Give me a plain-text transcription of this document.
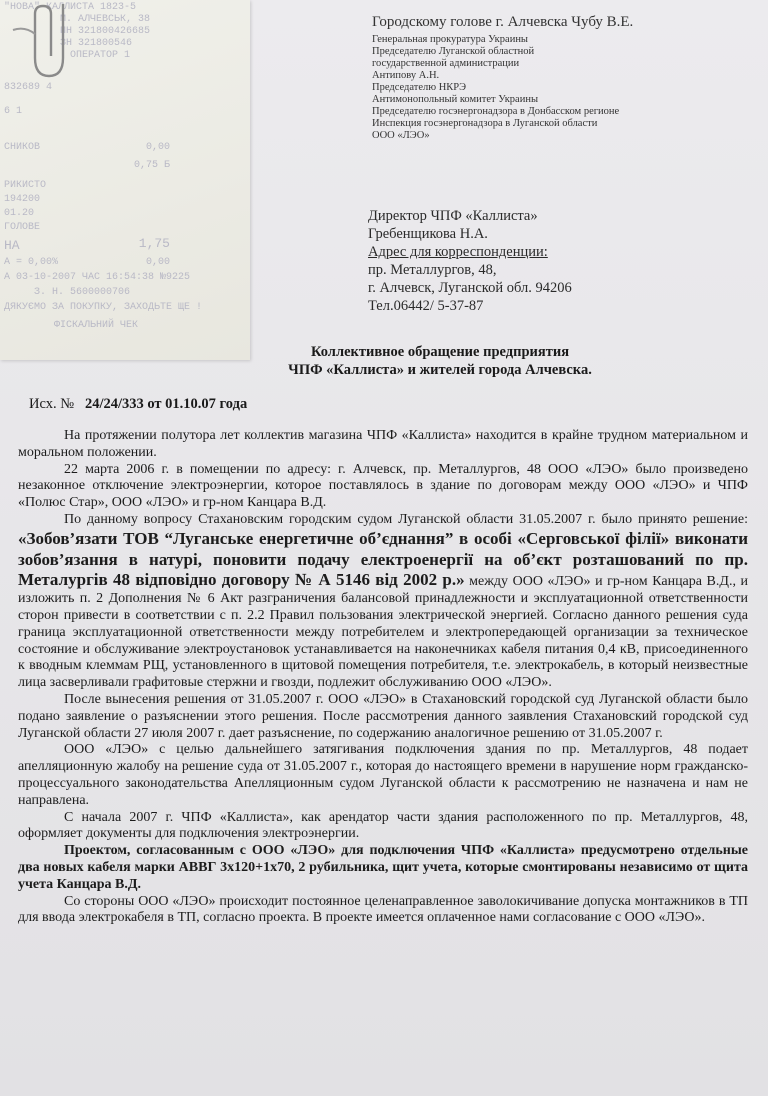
"НОВА" КАЛЛИСТА 1823-5
М. АЛЧЕВСЬК, 38
ПН 321800426685
ЗН 321800546
ОПЕРАТОР 1
832689 4
6 1
СНИКОВ	0,00
0,75 Б
РИКИСТО
194200
01.20
ГОЛОВЕ
НА	1,75
А = 0,00%	0,00
А 03-10-2007 ЧАС 16:54:38 №9225
З. Н. 5600000706
ДЯКУЄМО ЗА ПОКУПКУ, ЗАХОДЬТЕ ЩЕ !
ФІСКАЛЬНИЙ ЧЕК
Городскому голове г. Алчевска Чубу В.Е.
Генеральная прокуратура Украины
Председателю Луганской областной
государственной администрации
Антипову А.Н.
Председателю НКРЭ
Антимонопольный комитет Украины
Председателю госэнергонадзора в Донбасском регионе
Инспекция госэнергонадзора в Луганской области
ООО «ЛЭО»
Директор ЧПФ «Каллиста»
Гребенщикова Н.А.
Адрес для корреспонденции:
пр. Металлургов, 48,
г. Алчевск, Луганской обл. 94206
Тел.06442/ 5-37-87
Коллективное обращение предприятия
ЧПФ «Каллиста» и жителей города Алчевска.
Исх. № 24/24/333 от 01.10.07 года

На протяжении полутора лет коллектив магазина ЧПФ «Каллиста» находится в крайне трудном материальном и моральном положении.

22 марта 2006 г. в помещении по адресу: г. Алчевск, пр. Металлургов, 48 ООО «ЛЭО» было произведено незаконное отключение электроэнергии, которое поставлялось в здание по договорам между ООО «ЛЭО» и ЧПФ «Полюс Стар», ООО «ЛЭО» и гр-ном Канцара В.Д.

По данному вопросу Стахановским городским судом Луганской области 31.05.2007 г. было принято решение: «Зобов’язати ТОВ “Луганське енергетичне об’єднання” в особі «Серговської філії» виконати зобов’язання в натурі, поновити подачу електроенергії на об’єкт розташований по пр. Металургів 48 відповідно договору № А 5146 від 2002 р.» между ООО «ЛЭО» и гр-ном Канцара В.Д., и изложить п. 2 Дополнения № 6 Акт разграничения балансовой принадлежности и эксплуатационной ответственности сторон привести в соответствии с п. 2.2 Правил пользования электрической энергией. Согласно данного решения суда граница эксплуатационной ответственности между потребителем и электропередающей организации за техническое состояние и обслуживание электроустановок устанавливается на наконечниках кабеля питания 0,4 кВ, присоединенного к вводным клеммам РЩ, установленного в щитовой помещения потребителя, т.е. электрокабель, в который неизвестные лица засверливали графитовые стержни и гвозди, подлежит обслуживанию ООО «ЛЭО».

После вынесения решения от 31.05.2007 г. ООО «ЛЭО» в Стахановский городской суд Луганской области было подано заявление о разъяснении этого решения. После рассмотрения данного заявления Стахановский городской суд Луганской области 27 июля 2007 г. дает разъяснение, по содержанию аналогичное решению от 31.05.2007 г.

ООО «ЛЭО» с целью дальнейшего затягивания подключения здания по пр. Металлургов, 48 подает апелляционную жалобу на решение суда от 31.05.2007 г., которая до настоящего времени в нарушение норм гражданско-процессуального законодательства Апелляционным судом Луганской области к рассмотрению не назначена и нам не направлена.

С начала 2007 г. ЧПФ «Каллиста», как арендатор части здания расположенного по пр. Металлургов, 48, оформляет документы для подключения электроэнергии.

Проектом, согласованным с ООО «ЛЭО» для подключения ЧПФ «Каллиста» предусмотрено отдельные два новых кабеля марки АВВГ 3х120+1х70, 2 рубильника, щит учета, которые смонтированы независимо от щита учета Канцара В.Д.

Со стороны ООО «ЛЭО» происходит постоянное целенаправленное заволокичивание допуска монтажников в ТП для ввода электрокабеля в ТП, согласно проекта. В проекте имеется оплаченное нами согласование с ООО «ЛЭО».
